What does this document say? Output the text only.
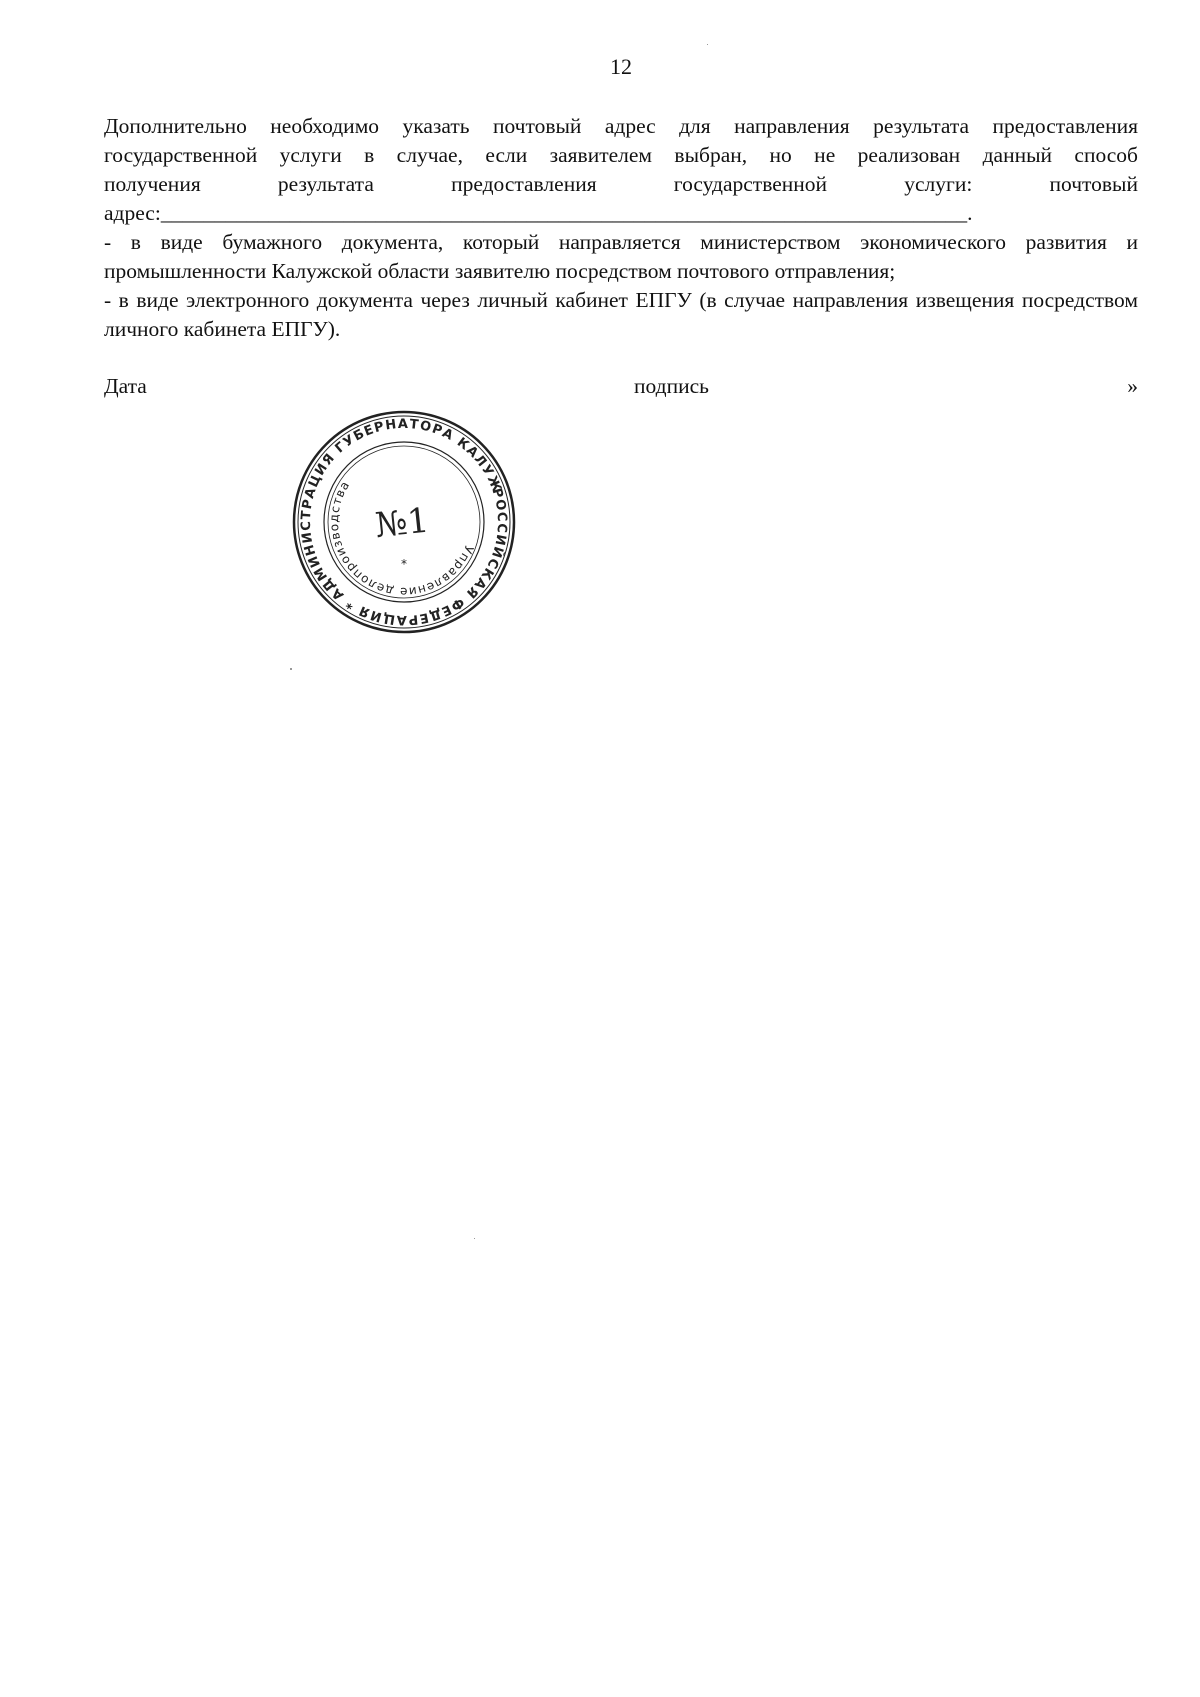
12

Дополнительно необходимо указать почтовый адрес для направления результата предоставления

государственной услуги в случае, если заявителем выбран, но не реализован данный способ

получения результата предоставления государственной услуги: почтовый

адрес:___________________________________________________________________________.

- в виде бумажного документа, который направляется министерством экономического развития и промышленности Калужской области заявителю посредством почтового отправления;

- в виде электронного документа через личный кабинет ЕПГУ (в случае направления извещения посредством личного кабинета ЕПГУ).

Дата	подпись	»
РОССИЙСКАЯ ФЕДЕРАЦИЯ * АДМИНИСТРАЦИЯ ГУБЕРНАТОРА КАЛУЖСКОЙ
Управление делопроизводства
№1
*
